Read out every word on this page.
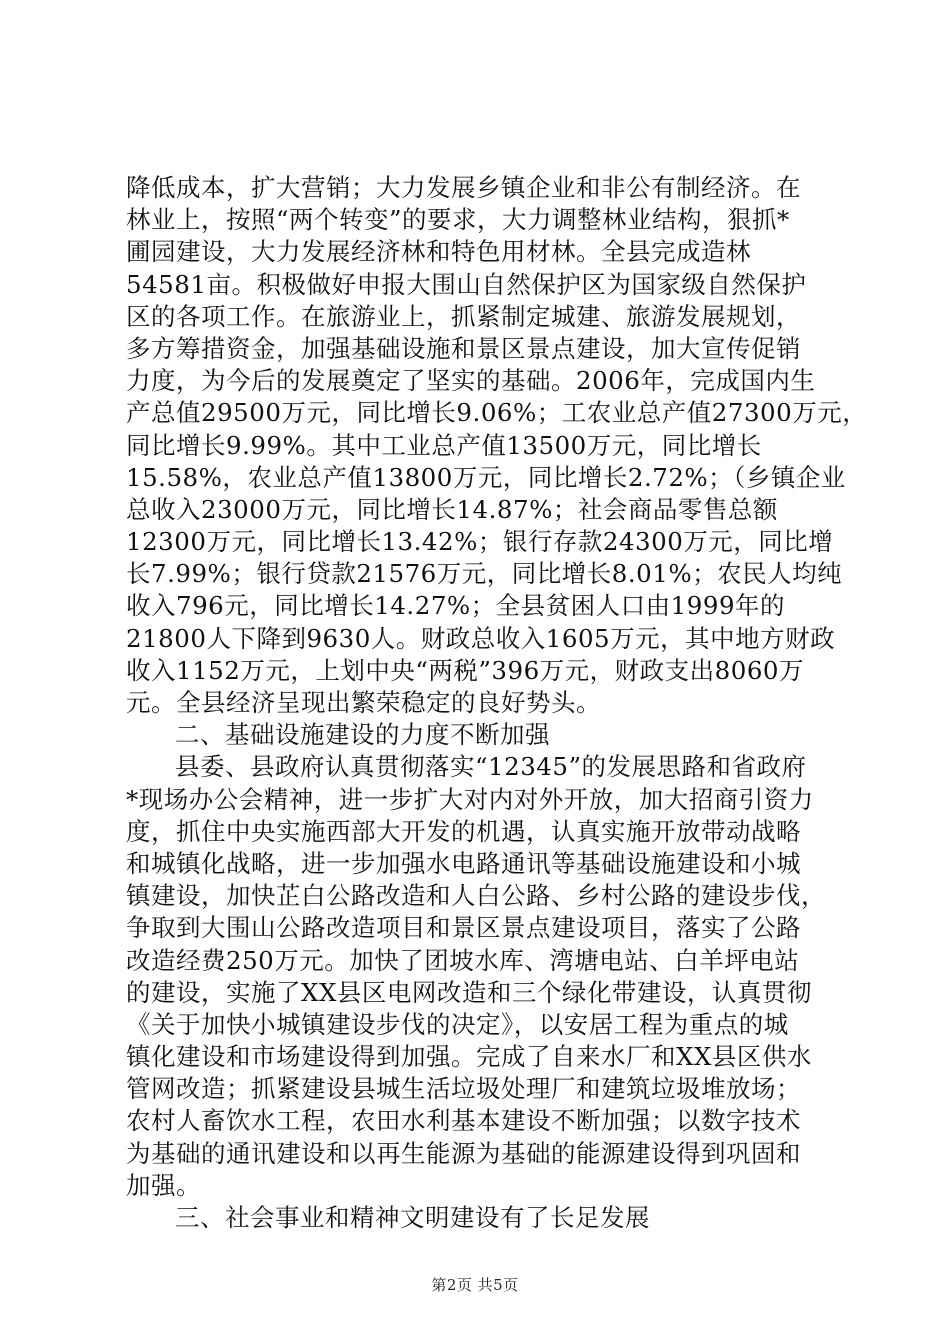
降低成本，扩大营销；大力发展乡镇企业和非公有制经济。在
林业上，按照“两个转变”的要求，大力调整林业结构，狠抓*
圃园建设，大力发展经济林和特色用材林。全县完成造林
54581亩。积极做好申报大围山自然保护区为国家级自然保护
区的各项工作。在旅游业上，抓紧制定城建、旅游发展规划，
多方筹措资金，加强基础设施和景区景点建设，加大宣传促销
力度，为今后的发展奠定了坚实的基础。2006年，完成国内生
产总值29500万元，同比增长9.06%；工农业总产值27300万元，
同比增长9.99%。其中工业总产值13500万元，同比增长
15.58%，农业总产值13800万元，同比增长2.72%；（乡镇企业
总收入23000万元，同比增长14.87%；社会商品零售总额
12300万元，同比增长13.42%；银行存款24300万元，同比增
长7.99%；银行贷款21576万元，同比增长8.01%；农民人均纯
收入796元，同比增长14.27%；全县贫困人口由1999年的
21800人下降到9630人。财政总收入1605万元，其中地方财政
收入1152万元，上划中央“两税”396万元，财政支出8060万
元。全县经济呈现出繁荣稳定的良好势头。
二、基础设施建设的力度不断加强
县委、县政府认真贯彻落实“12345”的发展思路和省政府
*现场办公会精神，进一步扩大对内对外开放，加大招商引资力
度，抓住中央实施西部大开发的机遇，认真实施开放带动战略
和城镇化战略，进一步加强水电路通讯等基础设施建设和小城
镇建设，加快芷白公路改造和人白公路、乡村公路的建设步伐，
争取到大围山公路改造项目和景区景点建设项目，落实了公路
改造经费250万元。加快了团坡水库、湾塘电站、白羊坪电站
的建设，实施了XX县区电网改造和三个绿化带建设，认真贯彻
《关于加快小城镇建设步伐的决定》，以安居工程为重点的城
镇化建设和市场建设得到加强。完成了自来水厂和XX县区供水
管网改造；抓紧建设县城生活垃圾处理厂和建筑垃圾堆放场；
农村人畜饮水工程，农田水利基本建设不断加强；以数字技术
为基础的通讯建设和以再生能源为基础的能源建设得到巩固和
加强。
三、社会事业和精神文明建设有了长足发展
第2页 共5页
